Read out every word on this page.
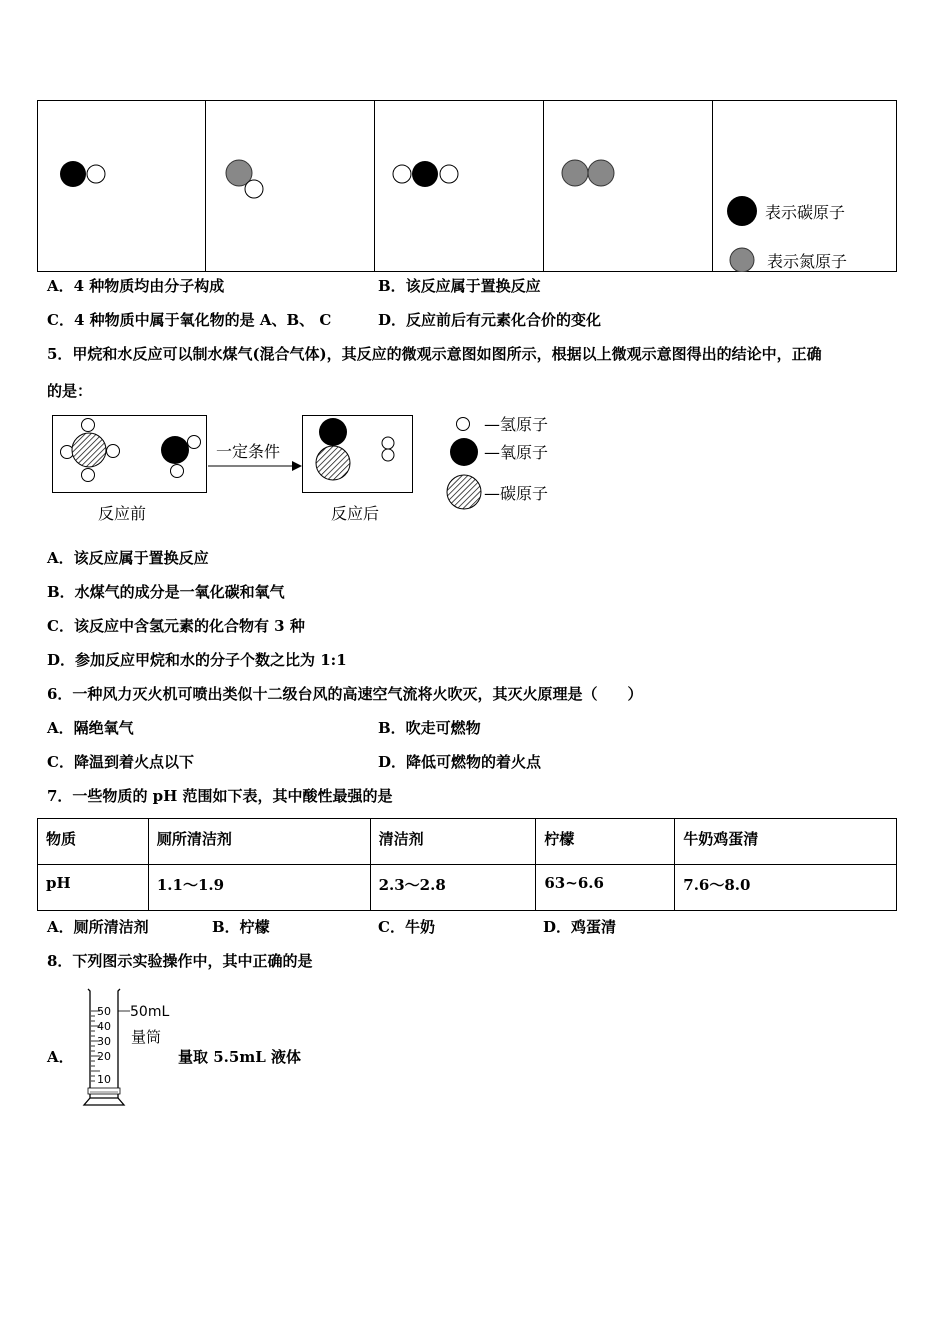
表示碳原子
表示氮原子
A．4 种物质均由分子构成	B．该反应属于置换反应
C．4 种物质中属于氧化物的是 A、B、 C	D．反应前后有元素化合价的变化
5．甲烷和水反应可以制水煤气(混合气体)，其反应的微观示意图如图所示，根据以上微观示意图得出的结论中，正确
的是：
一定条件
反应前	反应后
—氢原子
—氧原子
—碳原子
A．该反应属于置换反应
B．水煤气的成分是一氧化碳和氧气
C．该反应中含氢元素的化合物有 3 种
D．参加反应甲烷和水的分子个数之比为 1:1
6．一种风力灭火机可喷出类似十二级台风的高速空气流将火吹灭，其灭火原理是（　　）
A．隔绝氧气	B．吹走可燃物
C．降温到着火点以下	D．降低可燃物的着火点
7．一些物质的 pH 范围如下表，其中酸性最强的是
物质	厕所清洁剂	清洁剂	柠檬	牛奶鸡蛋清
pH	1.1～1.9	2.3～2.8	63~6.6	7.6～8.0
A．厕所清洁剂	B．柠檬	C．牛奶	D．鸡蛋清
8．下列图示实验操作中，其中正确的是
A．
50
40
30
20
10
50mL
量筒
量取 5.5mL 液体
